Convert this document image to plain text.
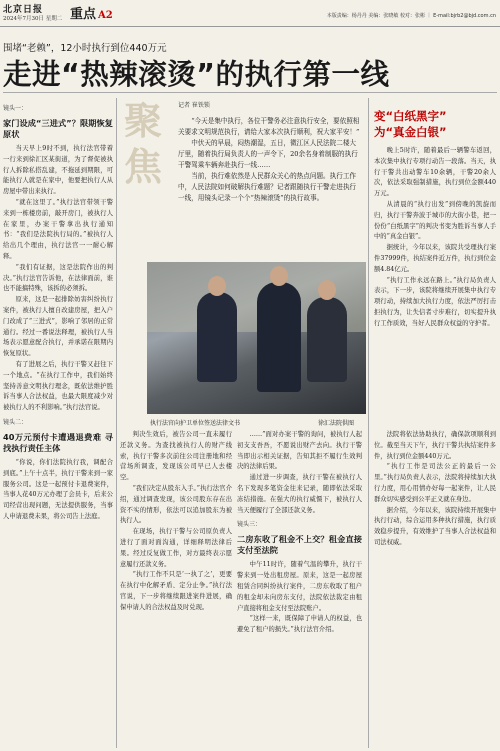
北京日报
2024年7月30日 星期二 重点 A2	本版责编：杨丹丹 美编：张晓敏 校对：张彬 ｜ E-mail:bjrb2@bjd.com.cn
围堵“老赖”，12小时执行到位440万元
走进“热辣滚烫”的执行第一线
镜头一：
家门设成“三进式”？限期恢复原状

当天早上9时不到，执行法官带着一行来到徐汇区某街道，为了督促被执行人拆除私搭乱建，不拖延到期限，可能执行人就是在家中，他要把执行人从房屋中带出来执行。

“就在这里了。”执行法官带领干警来到一栋楼房前，敲开房门，被执行人在家里，办案干警拿出执行通知书：“我们是法院执行局的。”被执行人给出几个理由，执行法官一一耐心解释。

“我们有证据，这是法院作出的判决。”执行法官告诉他，在法律面前，谁也不能搞特殊，该拆的必须拆。

原来，这是一起排除妨害纠纷执行案件，被执行人擅自改建房屋，把入户门改成了“三进式”，影响了邻居的正常通行。经过一番说法释理，被执行人当场表示愿意配合执行，并承诺在限期内恢复原状。

有了进展之后，执行干警又赶往下一个地点。“在执行工作中，我们始终坚持善意文明执行理念，既依法维护胜诉当事人合法权益，也最大限度减少对被执行人的不利影响。”执行法官说。

镜头二：
40万元预付卡遭遇退费难 寻找执行责任主体

“你说，你们法院执行我，调配合到底。”上午十点半，执行干警来到一家服务公司。这是一起预付卡退费案件，当事人花40万元办理了会员卡，后来公司经营出现问题，无法提供服务，当事人申请退费未果，将公司告上法庭。

聚焦
记者 崔铁锁

“今天是集中执行，各位干警务必注意执行安全，要依照相关要求文明规范执行，请给大家本次执行顺利，祝大家平安！”

中伏天的早晨，闷热潮湿，五日，微江区人民法院二楼大厅里，随着执行局负责人的一声令下，20余名身着制服的执行干警驾乘车辆奔赴执行一线……

当前，执行难依然是人民群众关心的热点问题。执行工作中，人民法院如何破解执行难题？记者跟随执行干警走进执行一线，用镜头记录一个个“热辣滚烫”的执行故事。

执行法官向护卫单位签送法律文书	徐汇法院供图

判决生效后，被告公司一直未履行还款义务。为查找被执行人的财产线索，执行干警多次前往公司注册地和经营场所调查，发现该公司早已人去楼空。

“我们决定从股东入手。”执行法官介绍，通过调查发现，该公司股东存在出资不实的情形，依法可以追加股东为被执行人。

在现场，执行干警与公司原负责人进行了面对面沟通，详细释明法律后果。经过反复做工作，对方最终表示愿意履行还款义务。

“执行工作不只是‘一执了之’，更要在执行中化解矛盾、定分止争。”执行法官说，下一步将继续跟进案件进展，确保申请人的合法权益及时兑现。

……”面对办案干警的询问，被执行人起初支支吾吾，不愿说出财产去向。执行干警当即出示相关证据，告知其拒不履行生效判决的法律后果。

通过进一步调查，执行干警在被执行人名下发现多笔资金往来记录，随即依法采取冻结措施。在强大的执行威慑下，被执行人当天便履行了全部还款义务。

镜头三：
二房东收了租金不上交？租金直接支付至法院

中午11时许，随着气温的攀升，执行干警来到一处出租房屋。原来，这是一起房屋租赁合同纠纷执行案件，二房东收取了租户的租金却未向房东支付，法院依法裁定由租户直接将租金支付至法院账户。

“这样一来，既保障了申请人的权益，也避免了租户的损失。”执行法官介绍。

变“白纸黑字”
为“真金白银”

晚上5时许，随着最后一辆警车返回，本次集中执行专项行动告一段落。当天，执行干警共出动警车10余辆，干警20余人次，依法采取强制措施，执行到位金额440万元。

从清晨的“执行出发”到傍晚的凯旋而归，执行干警奔波于城市的大街小巷，把一份份“白纸黑字”的判决书变为胜诉当事人手中的“真金白银”。

据统计，今年以来，该院共受理执行案件37999件，执结案件近万件，执行到位金额4.84亿元。

“执行工作永远在路上。”执行局负责人表示，下一步，该院将继续开展集中执行专项行动，持续加大执行力度，依法严厉打击拒执行为，让失信者寸步难行，切实提升执行工作质效，当好人民群众权益的守护者。

法院将依法协助执行，确保款项顺利到位。截至当天下午，执行干警共执结案件多件，执行到位金额440万元。

“执行工作是司法公正的最后一公里。”执行局负责人表示，法院将持续加大执行力度，用心用情办好每一起案件，让人民群众切实感受到公平正义就在身边。

据介绍，今年以来，该院持续开展集中执行行动，综合运用多种执行措施，执行质效稳步提升，有效维护了当事人合法权益和司法权威。
